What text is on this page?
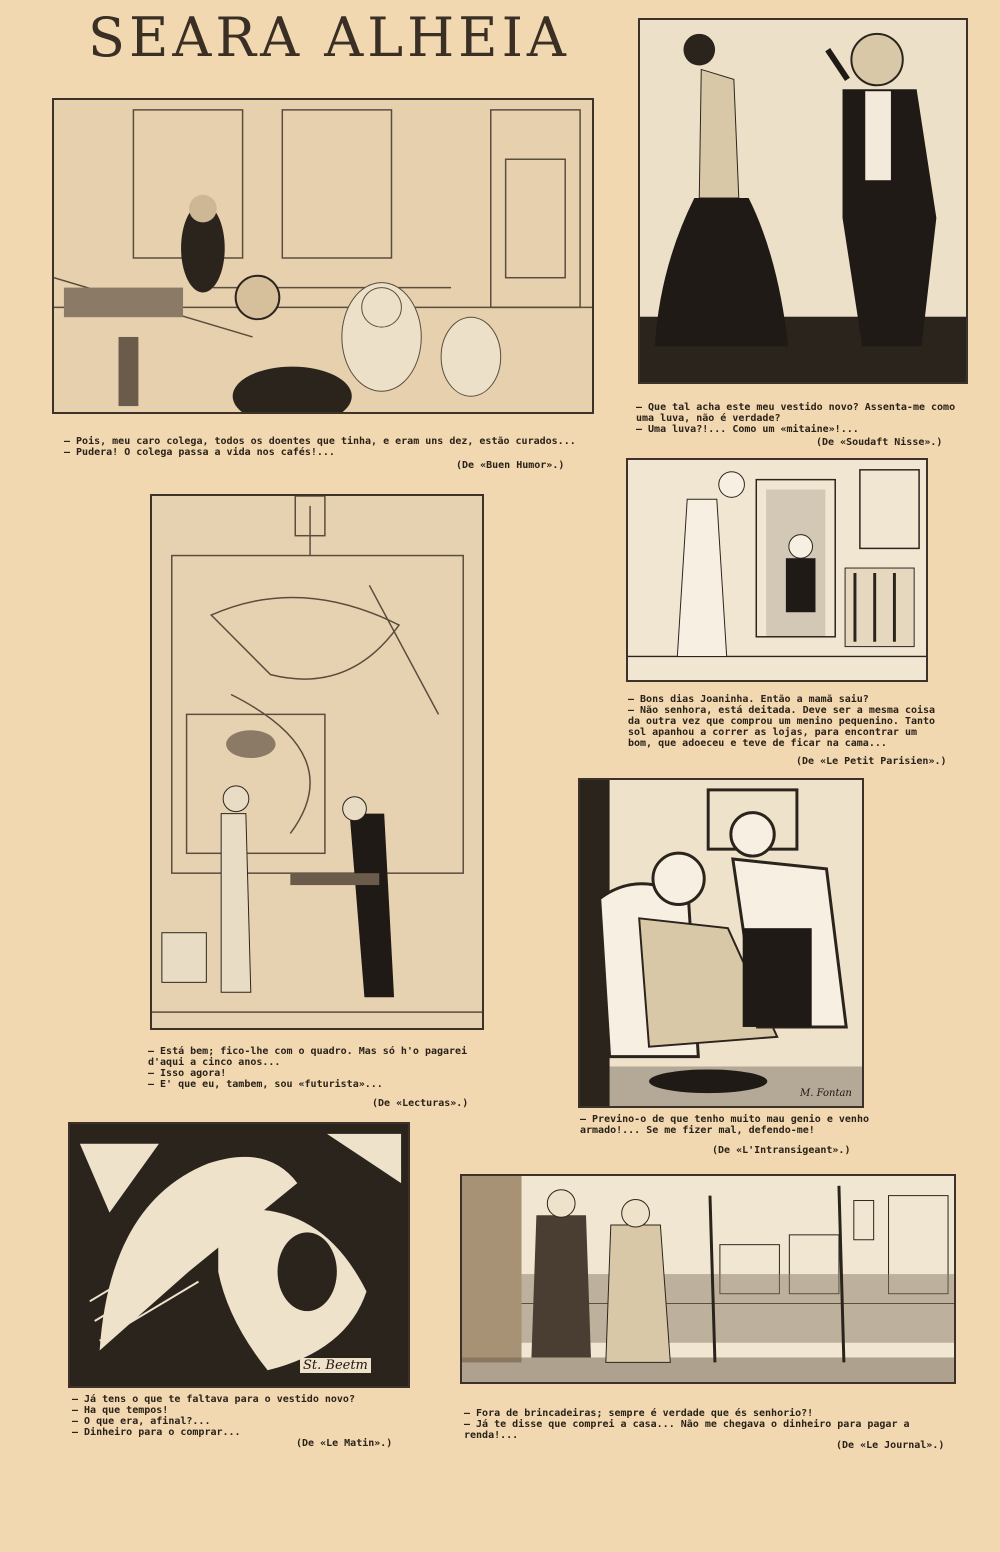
SEARA ALHEIA
— Pois, meu caro colega, todos os doentes que tinha, e eram uns dez, estão curados...
— Pudera! O colega passa a vida nos cafés!...
(De «Buen Humor».)
— Que tal acha este meu vestido novo? Assenta-me como uma luva, não é verdade?
— Uma luva?!... Como um «mitaine»!...
(De «Soudaft Nisse».)
— Bons dias Joaninha. Então a mamã saiu?
— Não senhora, está deitada. Deve ser a mesma coisa da outra vez que comprou um menino pequenino. Tanto sol apanhou a correr as lojas, para encontrar um bom, que adoeceu e teve de ficar na cama...
(De «Le Petit Parisien».)
— Está bem; fico-lhe com o quadro. Mas só h'o pagarei d'aqui a cinco anos...
— Isso agora!
— E' que eu, tambem, sou «futurista»...
(De «Lecturas».)
M. Fontan
— Previno-o de que tenho muito mau genio e venho armado!... Se me fizer mal, defendo-me!
(De «L'Intransigeant».)
St. Beetm
— Já tens o que te faltava para o vestido novo?
— Ha que tempos!
— O que era, afinal?...
— Dinheiro para o comprar...
(De «Le Matin».)
— Fora de brincadeiras; sempre é verdade que és senhorio?!
— Já te disse que comprei a casa... Não me chegava o dinheiro para pagar a renda!...
(De «Le Journal».)
